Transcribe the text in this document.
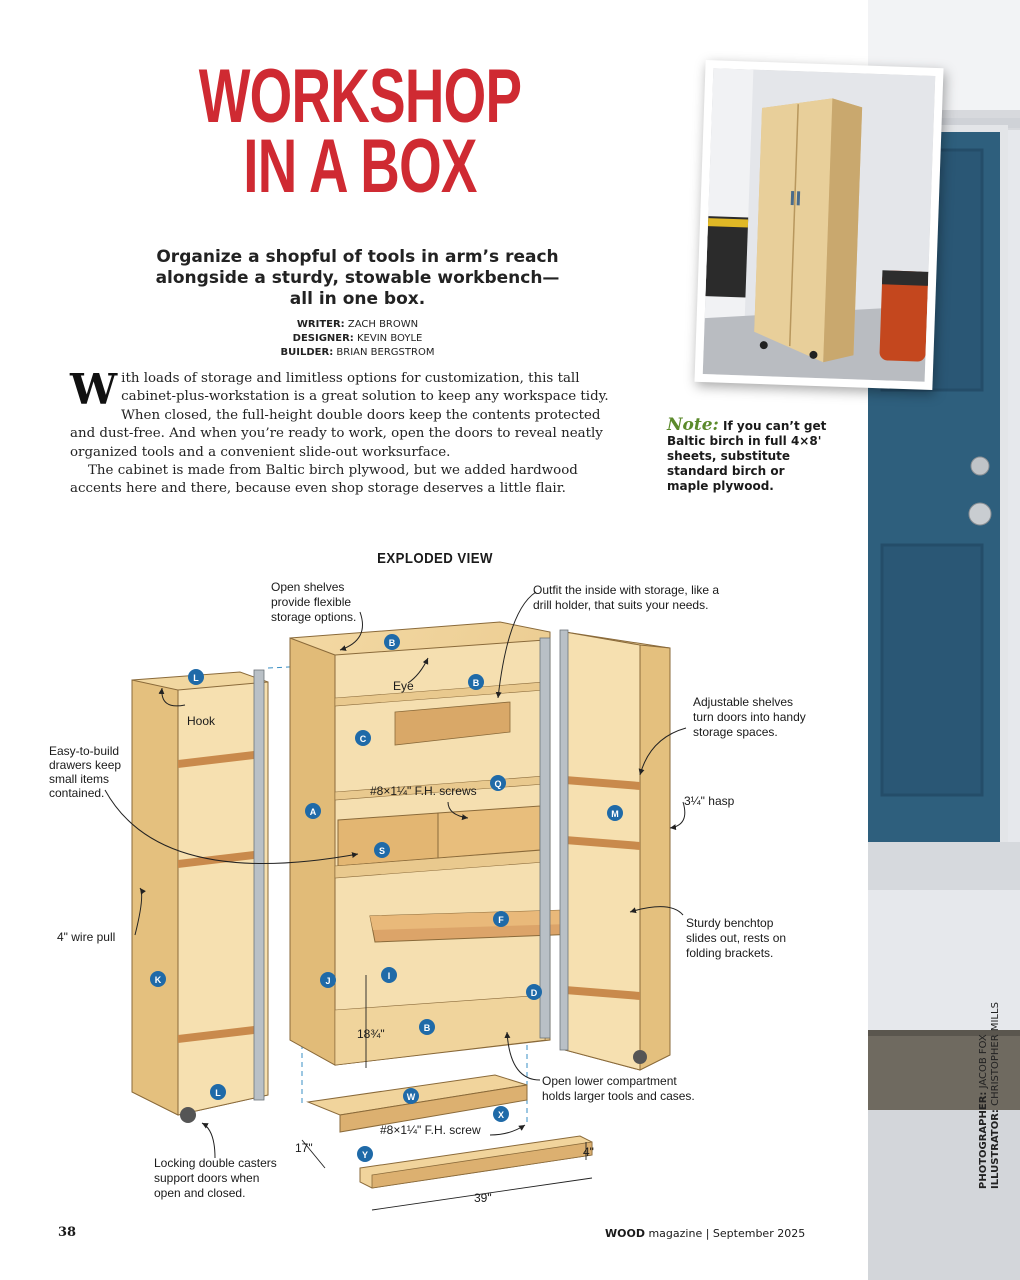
WORKSHOP
IN A BOX
Organize a shopful of tools in arm’s reach alongside a sturdy, stowable workbench—all in one box.
WRITER: ZACH BROWN
DESIGNER: KEVIN BOYLE
BUILDER: BRIAN BERGSTROM

With loads of storage and limitless options for customization, this tall cabinet-plus-workstation is a great solution to keep any workspace tidy. When closed, the full-height double doors keep the contents protected and dust-free. And when you’re ready to work, open the doors to reveal neatly organized tools and a convenient slide-out worksurface.

The cabinet is made from Baltic birch plywood, but we added hardwood accents here and there, because even shop storage deserves a little flair.

Note: If you can’t get Baltic birch in full 4×8' sheets, substitute standard birch or maple plywood.
EXPLODED VIEW
Open shelves provide flexible storage options.
Outfit the inside with storage, like a drill holder, that suits your needs.
Adjustable shelves turn doors into handy storage spaces.
Easy-to-build drawers keep small items contained.
3¼" hasp
4" wire pull
Sturdy benchtop slides out, rests on folding brackets.
Open lower compartment holds larger tools and cases.
Locking double casters support doors when open and closed.
Hook
Eye
#8×1¼" F.H. screws
#8×1¼" F.H. screw
18¾"
17"	4"
39"
B
B
B
L
L
C
Q
A	M
S
F
I
J
K
D
W
X
Y
38	WOOD magazine | September 2025
PHOTOGRAPHER: JACOB FOX
ILLUSTRATOR: CHRISTOPHER MILLS
